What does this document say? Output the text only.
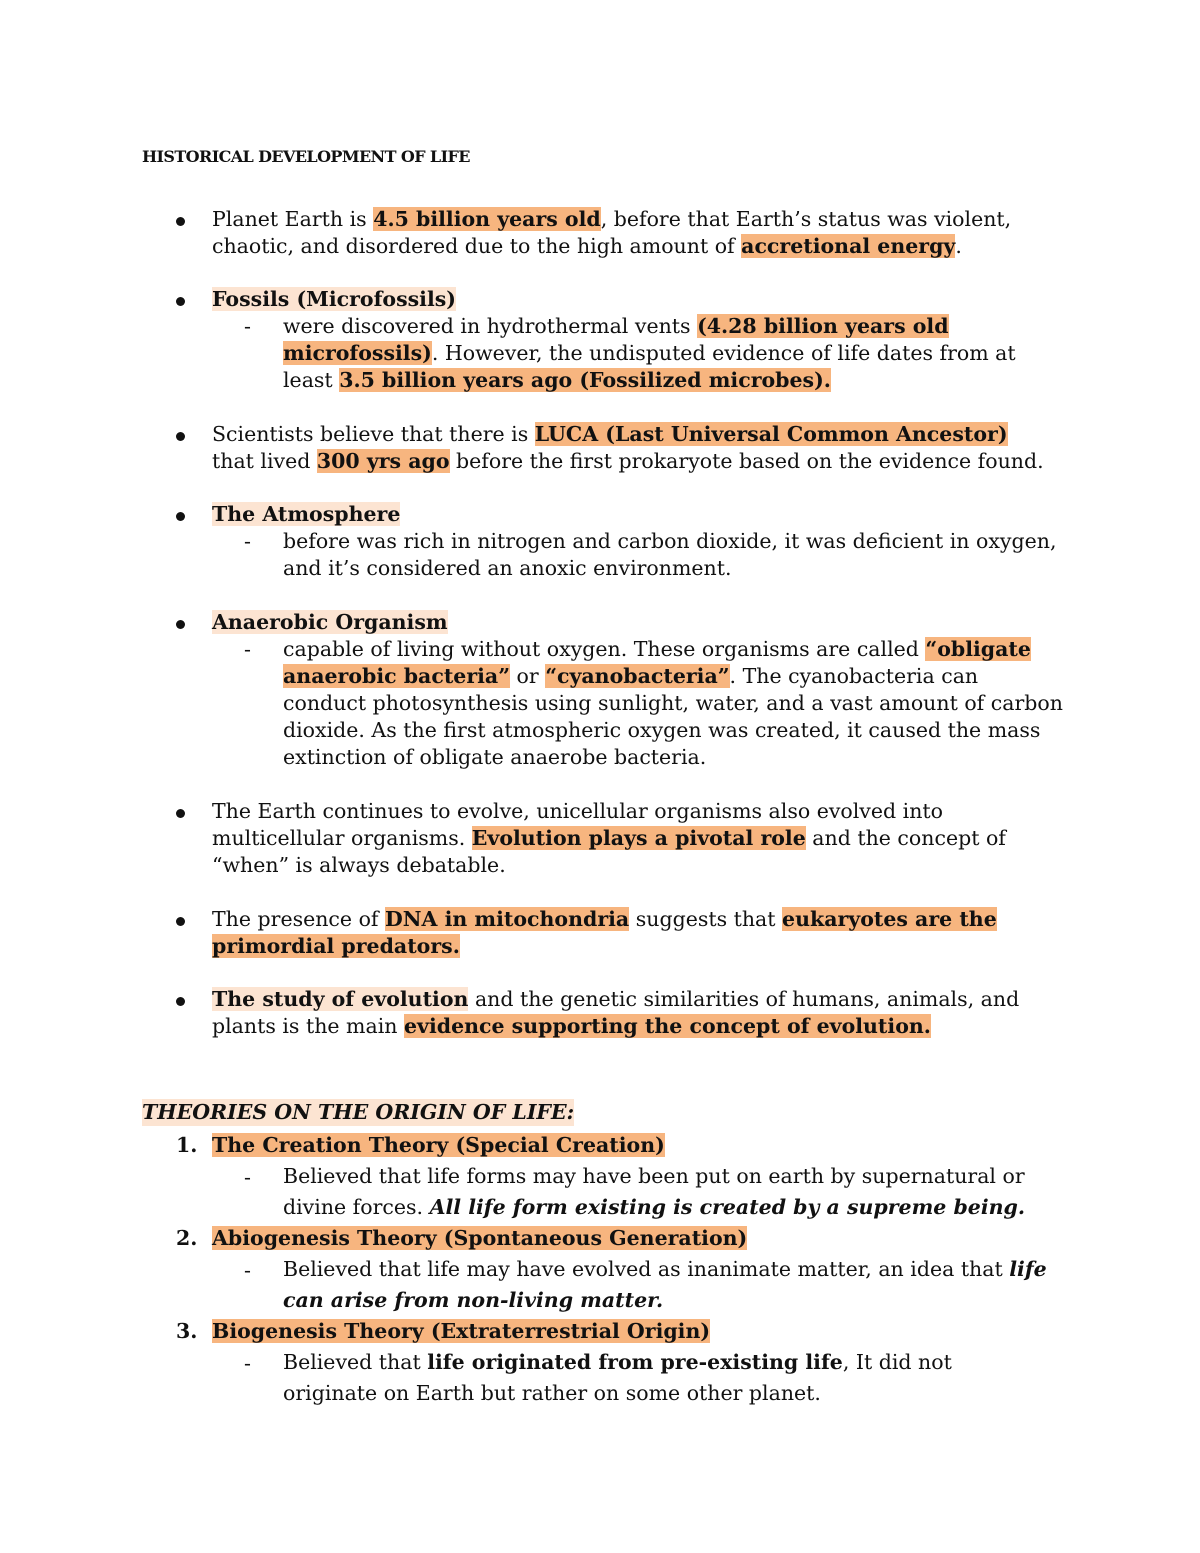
HISTORICAL DEVELOPMENT OF LIFE
Planet Earth is 4.5 billion years old, before that Earth’s status was violent,
chaotic, and disordered due to the high amount of accretional energy.
Fossils (Microfossils)
- were discovered in hydrothermal vents (4.28 billion years old
microfossils). However, the undisputed evidence of life dates from at
least 3.5 billion years ago (Fossilized microbes).
Scientists believe that there is LUCA (Last Universal Common Ancestor)
that lived 300 yrs ago before the first prokaryote based on the evidence found.
The Atmosphere
- before was rich in nitrogen and carbon dioxide, it was deficient in oxygen,
and it’s considered an anoxic environment.
Anaerobic Organism
- capable of living without oxygen. These organisms are called “obligate
anaerobic bacteria” or “cyanobacteria”. The cyanobacteria can
conduct photosynthesis using sunlight, water, and a vast amount of carbon
dioxide. As the first atmospheric oxygen was created, it caused the mass
extinction of obligate anaerobe bacteria.
The Earth continues to evolve, unicellular organisms also evolved into
multicellular organisms. Evolution plays a pivotal role and the concept of
“when” is always debatable.
The presence of DNA in mitochondria suggests that eukaryotes are the
primordial predators.
The study of evolution and the genetic similarities of humans, animals, and
plants is the main evidence supporting the concept of evolution.
THEORIES ON THE ORIGIN OF LIFE:
1. The Creation Theory (Special Creation)
- Believed that life forms may have been put on earth by supernatural or
divine forces. All life form existing is created by a supreme being.
2. Abiogenesis Theory (Spontaneous Generation)
- Believed that life may have evolved as inanimate matter, an idea that life
can arise from non-living matter.
3. Biogenesis Theory (Extraterrestrial Origin)
- Believed that life originated from pre-existing life, It did not
originate on Earth but rather on some other planet.
